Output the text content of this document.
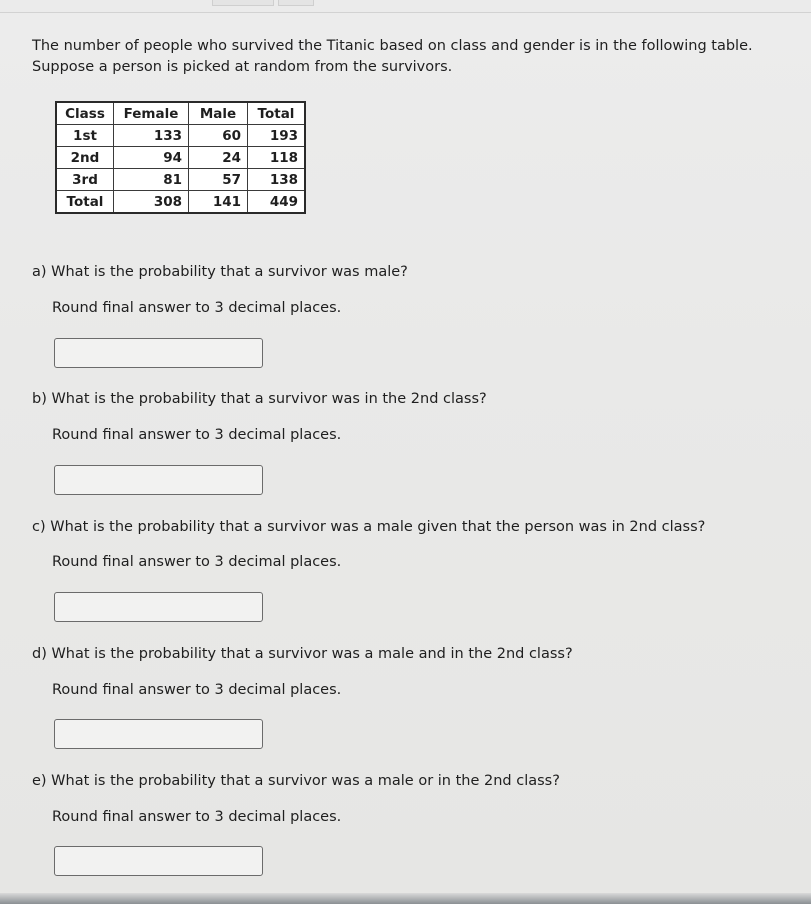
The number of people who survived the Titanic based on class and gender is in the following table. Suppose a person is picked at random from the survivors.
Class	Female	Male	Total
1st	133	60	193
2nd	94	24	118
3rd	81	57	138
Total	308	141	449
a) What is the probability that a survivor was male?
Round final answer to 3 decimal places.
b) What is the probability that a survivor was in the 2nd class?
Round final answer to 3 decimal places.
c) What is the probability that a survivor was a male given that the person was in 2nd class?
Round final answer to 3 decimal places.
d) What is the probability that a survivor was a male and in the 2nd class?
Round final answer to 3 decimal places.
e) What is the probability that a survivor was a male or in the 2nd class?
Round final answer to 3 decimal places.
